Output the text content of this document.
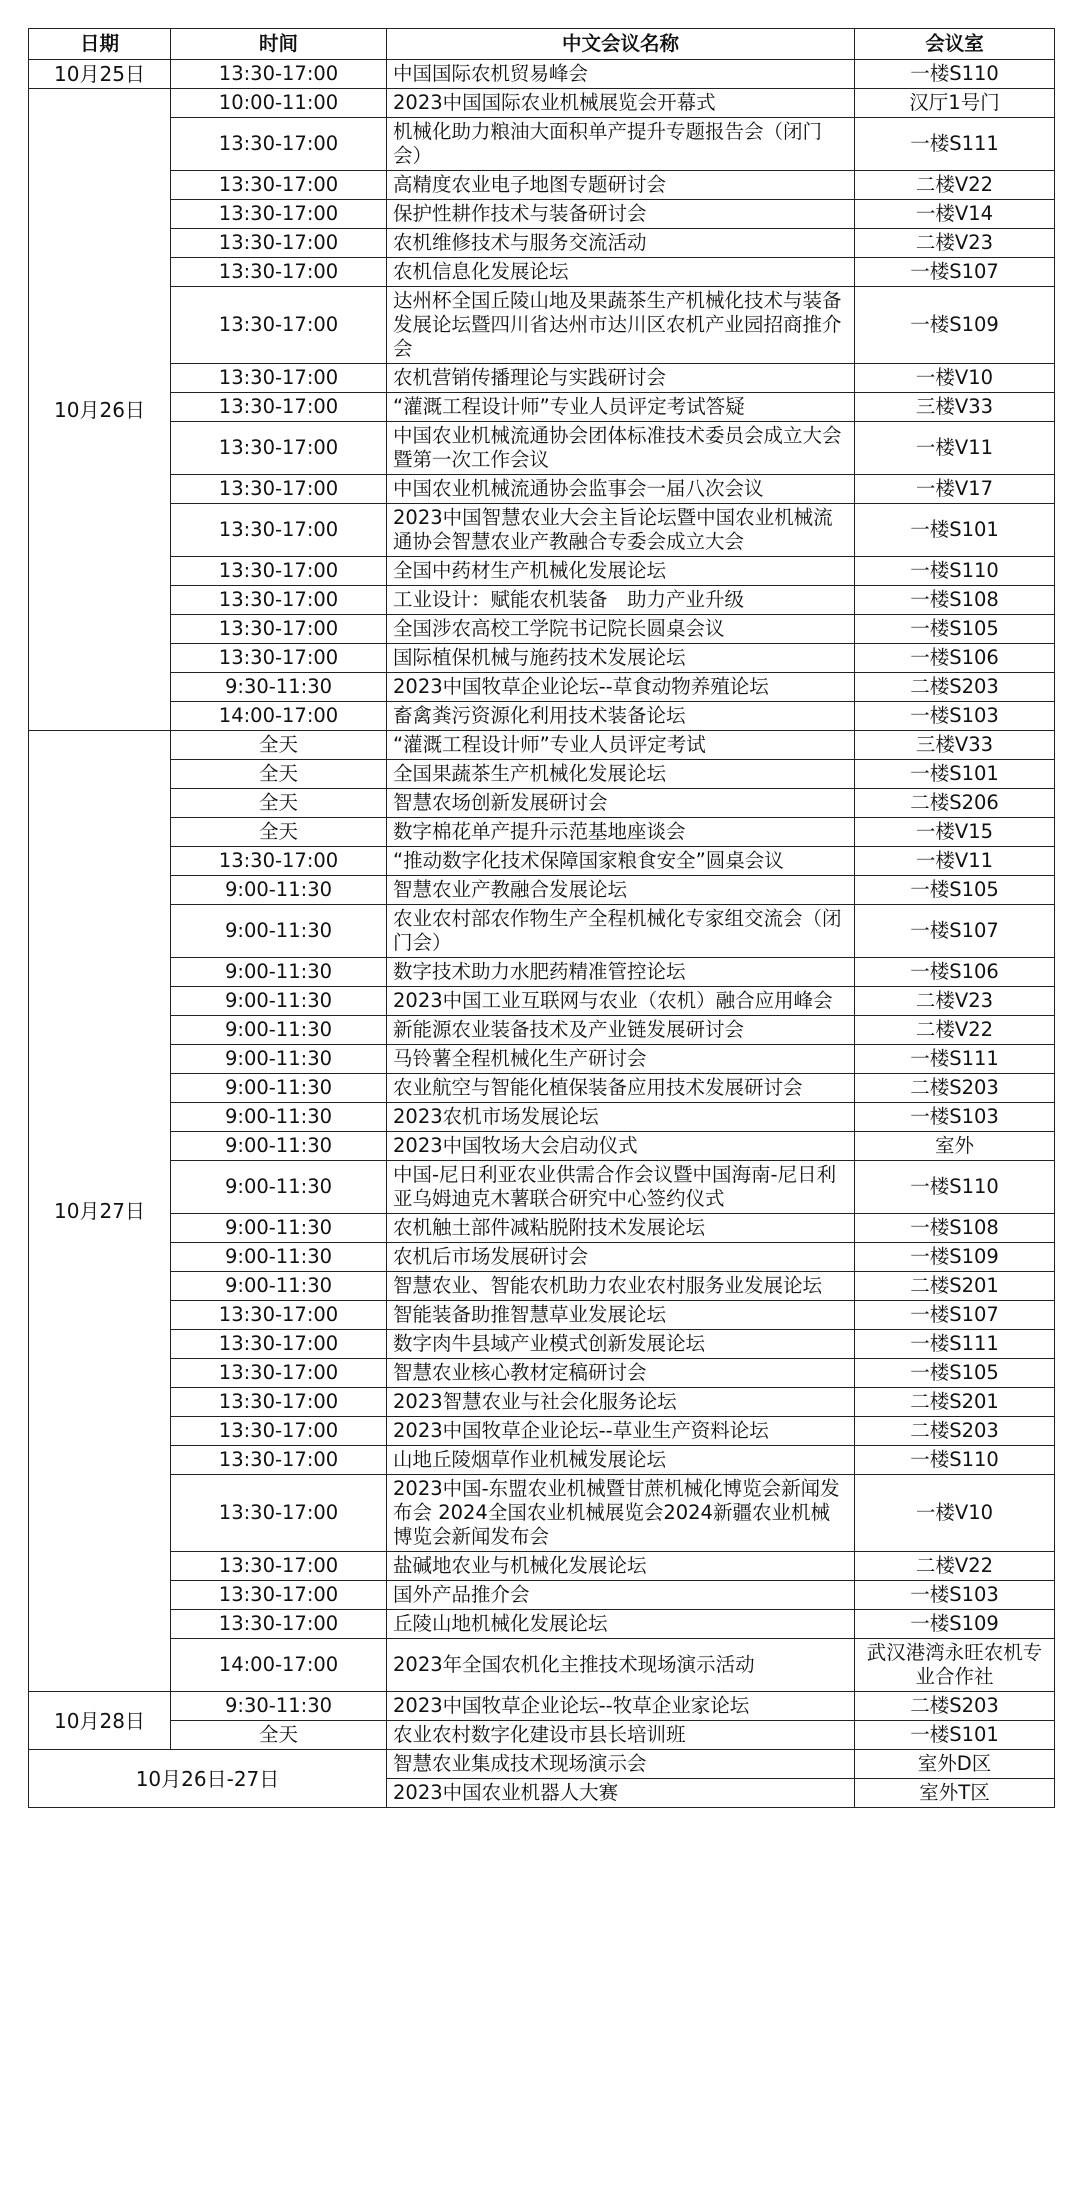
日期	时间	中文会议名称	会议室
10月25日	13:30-17:00	中国国际农机贸易峰会	一楼S110
10月26日	10:00-11:00	2023中国国际农业机械展览会开幕式	汉厅1号门
	13:30-17:00	机械化助力粮油大面积单产提升专题报告会（闭门会）	一楼S111
	13:30-17:00	高精度农业电子地图专题研讨会	二楼V22
	13:30-17:00	保护性耕作技术与装备研讨会	一楼V14
	13:30-17:00	农机维修技术与服务交流活动	二楼V23
	13:30-17:00	农机信息化发展论坛	一楼S107
	13:30-17:00	达州杯全国丘陵山地及果蔬茶生产机械化技术与装备发展论坛暨四川省达州市达川区农机产业园招商推介会	一楼S109
	13:30-17:00	农机营销传播理论与实践研讨会	一楼V10
	13:30-17:00	“灌溉工程设计师”专业人员评定考试答疑	三楼V33
	13:30-17:00	中国农业机械流通协会团体标准技术委员会成立大会暨第一次工作会议	一楼V11
	13:30-17:00	中国农业机械流通协会监事会一届八次会议	一楼V17
	13:30-17:00	2023中国智慧农业大会主旨论坛暨中国农业机械流通协会智慧农业产教融合专委会成立大会	一楼S101
	13:30-17:00	全国中药材生产机械化发展论坛	一楼S110
	13:30-17:00	工业设计：赋能农机装备　助力产业升级	一楼S108
	13:30-17:00	全国涉农高校工学院书记院长圆桌会议	一楼S105
	13:30-17:00	国际植保机械与施药技术发展论坛	一楼S106
	9:30-11:30	2023中国牧草企业论坛--草食动物养殖论坛	二楼S203
	14:00-17:00	畜禽粪污资源化利用技术装备论坛	一楼S103
10月27日	全天	“灌溉工程设计师”专业人员评定考试	三楼V33
	全天	全国果蔬茶生产机械化发展论坛	一楼S101
	全天	智慧农场创新发展研讨会	二楼S206
	全天	数字棉花单产提升示范基地座谈会	一楼V15
	13:30-17:00	“推动数字化技术保障国家粮食安全”圆桌会议	一楼V11
	9:00-11:30	智慧农业产教融合发展论坛	一楼S105
	9:00-11:30	农业农村部农作物生产全程机械化专家组交流会（闭门会）	一楼S107
	9:00-11:30	数字技术助力水肥药精准管控论坛	一楼S106
	9:00-11:30	2023中国工业互联网与农业（农机）融合应用峰会	二楼V23
	9:00-11:30	新能源农业装备技术及产业链发展研讨会	二楼V22
	9:00-11:30	马铃薯全程机械化生产研讨会	一楼S111
	9:00-11:30	农业航空与智能化植保装备应用技术发展研讨会	二楼S203
	9:00-11:30	2023农机市场发展论坛	一楼S103
	9:00-11:30	2023中国牧场大会启动仪式	室外
	9:00-11:30	中国-尼日利亚农业供需合作会议暨中国海南-尼日利亚乌姆迪克木薯联合研究中心签约仪式	一楼S110
	9:00-11:30	农机触土部件减粘脱附技术发展论坛	一楼S108
	9:00-11:30	农机后市场发展研讨会	一楼S109
	9:00-11:30	智慧农业、智能农机助力农业农村服务业发展论坛	二楼S201
	13:30-17:00	智能装备助推智慧草业发展论坛	一楼S107
	13:30-17:00	数字肉牛县域产业模式创新发展论坛	一楼S111
	13:30-17:00	智慧农业核心教材定稿研讨会	一楼S105
	13:30-17:00	2023智慧农业与社会化服务论坛	二楼S201
	13:30-17:00	2023中国牧草企业论坛--草业生产资料论坛	二楼S203
	13:30-17:00	山地丘陵烟草作业机械发展论坛	一楼S110
	13:30-17:00	2023中国-东盟农业机械暨甘蔗机械化博览会新闻发布会 2024全国农业机械展览会2024新疆农业机械博览会新闻发布会	一楼V10
	13:30-17:00	盐碱地农业与机械化发展论坛	二楼V22
	13:30-17:00	国外产品推介会	一楼S103
	13:30-17:00	丘陵山地机械化发展论坛	一楼S109
	14:00-17:00	2023年全国农机化主推技术现场演示活动	武汉港湾永旺农机专业合作社
10月28日	9:30-11:30	2023中国牧草企业论坛--牧草企业家论坛	二楼S203
	全天	农业农村数字化建设市县长培训班	一楼S101
10月26日-27日		智慧农业集成技术现场演示会	室外D区
		2023中国农业机器人大赛	室外T区
